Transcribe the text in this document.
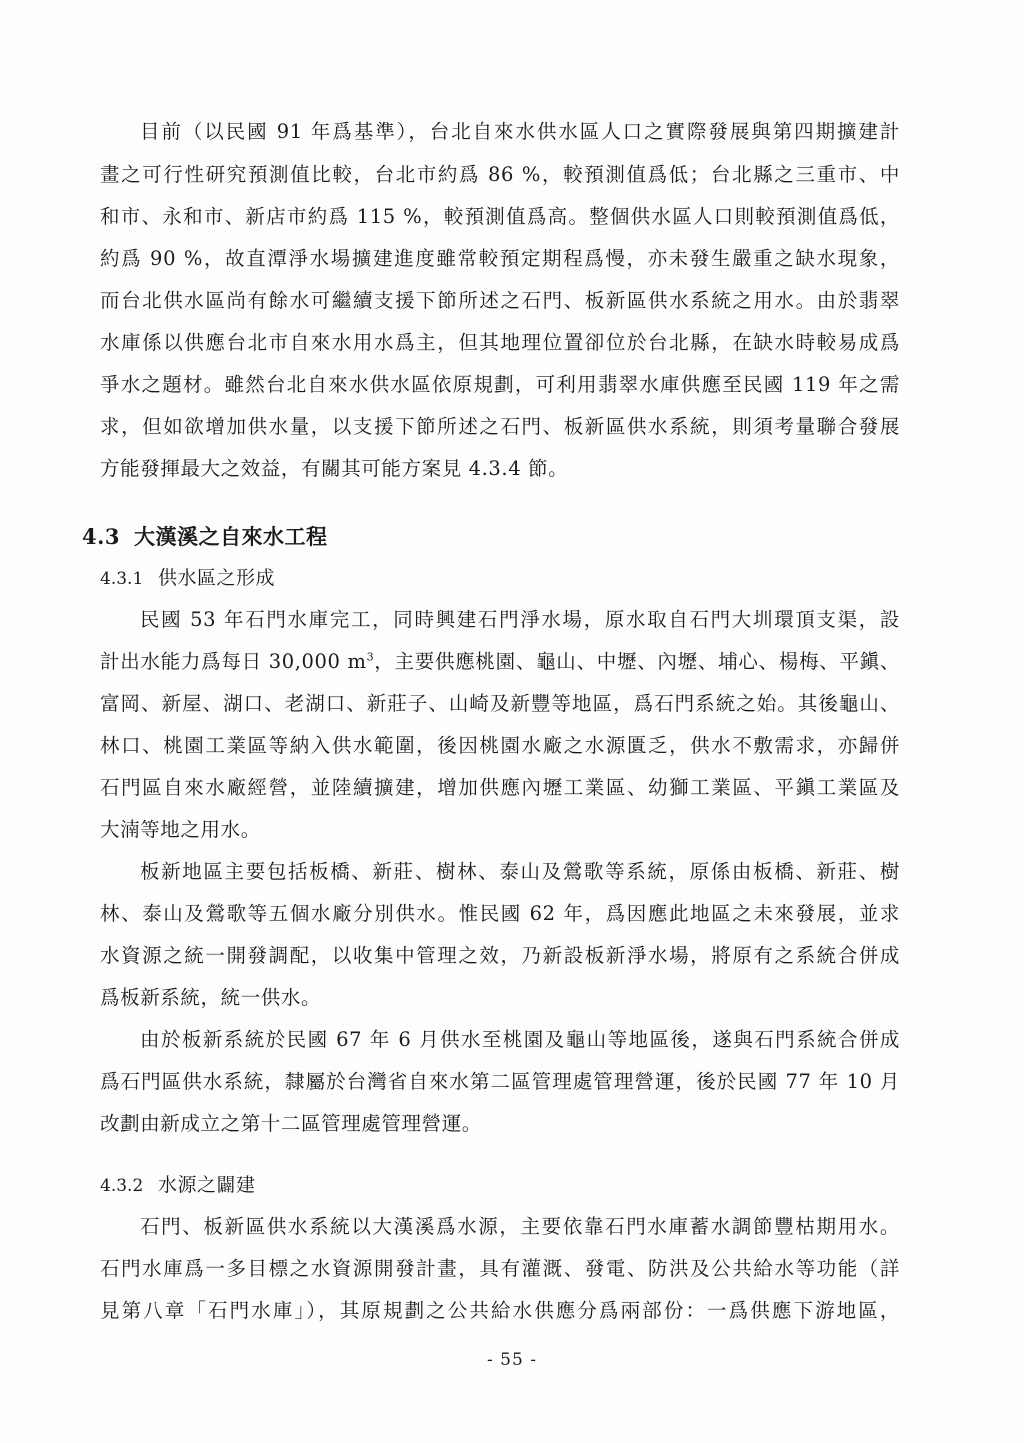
目前（以民國 91 年爲基準），台北自來水供水區人口之實際發展與第四期擴建計
畫之可行性研究預測值比較，台北市約爲 86 %，較預測值爲低；台北縣之三重市、中
和市、永和市、新店市約爲 115 %，較預測值爲高。整個供水區人口則較預測值爲低，
約爲 90 %，故直潭淨水場擴建進度雖常較預定期程爲慢，亦未發生嚴重之缺水現象，
而台北供水區尚有餘水可繼續支援下節所述之石門、板新區供水系統之用水。由於翡翠
水庫係以供應台北市自來水用水爲主，但其地理位置卻位於台北縣，在缺水時較易成爲
爭水之題材。雖然台北自來水供水區依原規劃，可利用翡翠水庫供應至民國 119 年之需
求，但如欲增加供水量，以支援下節所述之石門、板新區供水系統，則須考量聯合發展
方能發揮最大之效益，有關其可能方案見 4.3.4 節。
4.3 大漢溪之自來水工程
4.3.1 供水區之形成
民國 53 年石門水庫完工，同時興建石門淨水場，原水取自石門大圳環頂支渠，設
計出水能力爲每日 30,000 $m^3$，主要供應桃園、龜山、中壢、內壢、埔心、楊梅、平鎭、
富岡、新屋、湖口、老湖口、新莊子、山崎及新豐等地區，爲石門系統之始。其後龜山、
林口、桃園工業區等納入供水範圍，後因桃園水廠之水源匱乏，供水不敷需求，亦歸併
石門區自來水廠經營，並陸續擴建，增加供應內壢工業區、幼獅工業區、平鎭工業區及
大湳等地之用水。
板新地區主要包括板橋、新莊、樹林、泰山及鶯歌等系統，原係由板橋、新莊、樹
林、泰山及鶯歌等五個水廠分別供水。惟民國 62 年，爲因應此地區之未來發展，並求
水資源之統一開發調配，以收集中管理之效，乃新設板新淨水場，將原有之系統合併成
爲板新系統，統一供水。
由於板新系統於民國 67 年 6 月供水至桃園及龜山等地區後，遂與石門系統合併成
爲石門區供水系統，隸屬於台灣省自來水第二區管理處管理營運，後於民國 77 年 10 月
改劃由新成立之第十二區管理處管理營運。
4.3.2 水源之闢建
石門、板新區供水系統以大漢溪爲水源，主要依靠石門水庫蓄水調節豐枯期用水。
石門水庫爲一多目標之水資源開發計畫，具有灌溉、發電、防洪及公共給水等功能（詳
見第八章「石門水庫」），其原規劃之公共給水供應分爲兩部份：一爲供應下游地區，
- 55 -
